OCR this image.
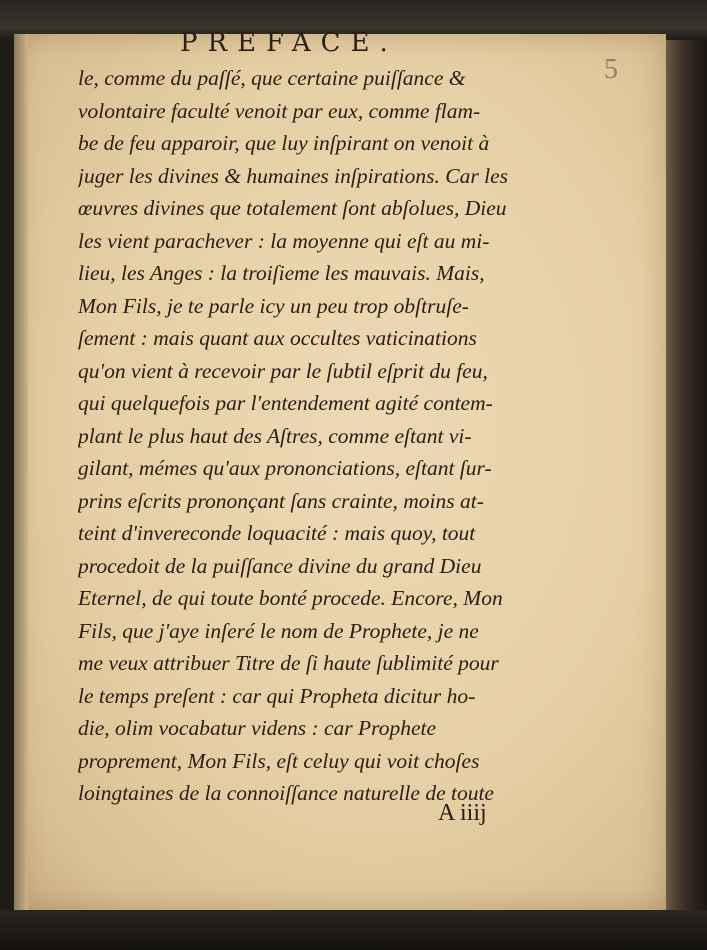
PREFACE.
5
le, comme du paſſé, que certaine puiſſance &
volontaire faculté venoit par eux, comme flam-
be de feu apparoir, que luy inſpirant on venoit à
juger les divines & humaines inſpirations. Car les
œuvres divines que totalement ſont abſolues, Dieu
les vient parachever : la moyenne qui eſt au mi-
lieu, les Anges : la troiſieme les mauvais. Mais,
Mon Fils, je te parle icy un peu trop obſtruſe-
ſement : mais quant aux occultes vaticinations
qu'on vient à recevoir par le ſubtil eſprit du feu,
qui quelquefois par l'entendement agité contem-
plant le plus haut des Aſtres, comme eſtant vi-
gilant, mémes qu'aux prononciations, eſtant ſur-
prins eſcrits prononçant ſans crainte, moins at-
teint d'inverecondе loquacité : mais quoy, tout
procedoit de la puiſſance divine du grand Dieu
Eternel, de qui toute bonté procede. Encore, Mon
Fils, que j'aye inſeré le nom de Prophete, je ne
me veux attribuer Titre de ſi haute ſublimité pour
le temps preſent : car qui Propheta dicitur ho-
die, olim vocabatur videns : car Prophete
proprement, Mon Fils, eſt celuy qui voit choſes
loingtaines de la connoiſſance naturelle de toute
A iiij
